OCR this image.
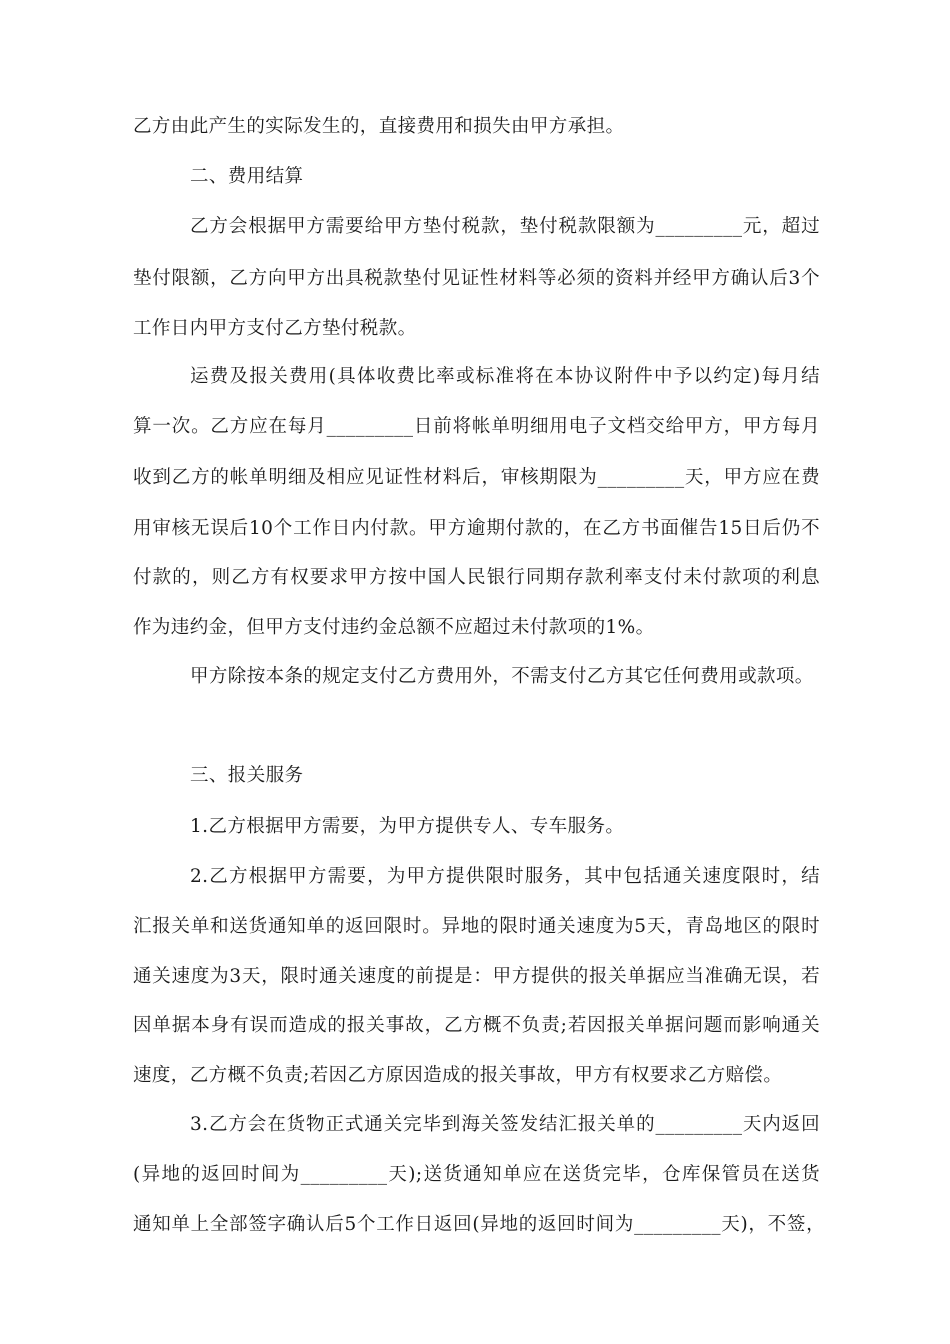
乙方由此产生的实际发生的，直接费用和损失由甲方承担。
二、费用结算
乙方会根据甲方需要给甲方垫付税款，垫付税款限额为_________元，超过
垫付限额，乙方向甲方出具税款垫付见证性材料等必须的资料并经甲方确认后3个
工作日内甲方支付乙方垫付税款。
运费及报关费用(具体收费比率或标准将在本协议附件中予以约定)每月结
算一次。乙方应在每月_________日前将帐单明细用电子文档交给甲方，甲方每月
收到乙方的帐单明细及相应见证性材料后，审核期限为_________天，甲方应在费
用审核无误后10个工作日内付款。甲方逾期付款的，在乙方书面催告15日后仍不
付款的，则乙方有权要求甲方按中国人民银行同期存款利率支付未付款项的利息
作为违约金，但甲方支付违约金总额不应超过未付款项的1%。
甲方除按本条的规定支付乙方费用外，不需支付乙方其它任何费用或款项。
三、报关服务
1.乙方根据甲方需要，为甲方提供专人、专车服务。
2.乙方根据甲方需要，为甲方提供限时服务，其中包括通关速度限时，结
汇报关单和送货通知单的返回限时。异地的限时通关速度为5天，青岛地区的限时
通关速度为3天，限时通关速度的前提是：甲方提供的报关单据应当准确无误，若
因单据本身有误而造成的报关事故，乙方概不负责;若因报关单据问题而影响通关
速度，乙方概不负责;若因乙方原因造成的报关事故，甲方有权要求乙方赔偿。
3.乙方会在货物正式通关完毕到海关签发结汇报关单的_________天内返回
(异地的返回时间为_________天);送货通知单应在送货完毕，仓库保管员在送货
通知单上全部签字确认后5个工作日返回(异地的返回时间为_________天)，不签，
